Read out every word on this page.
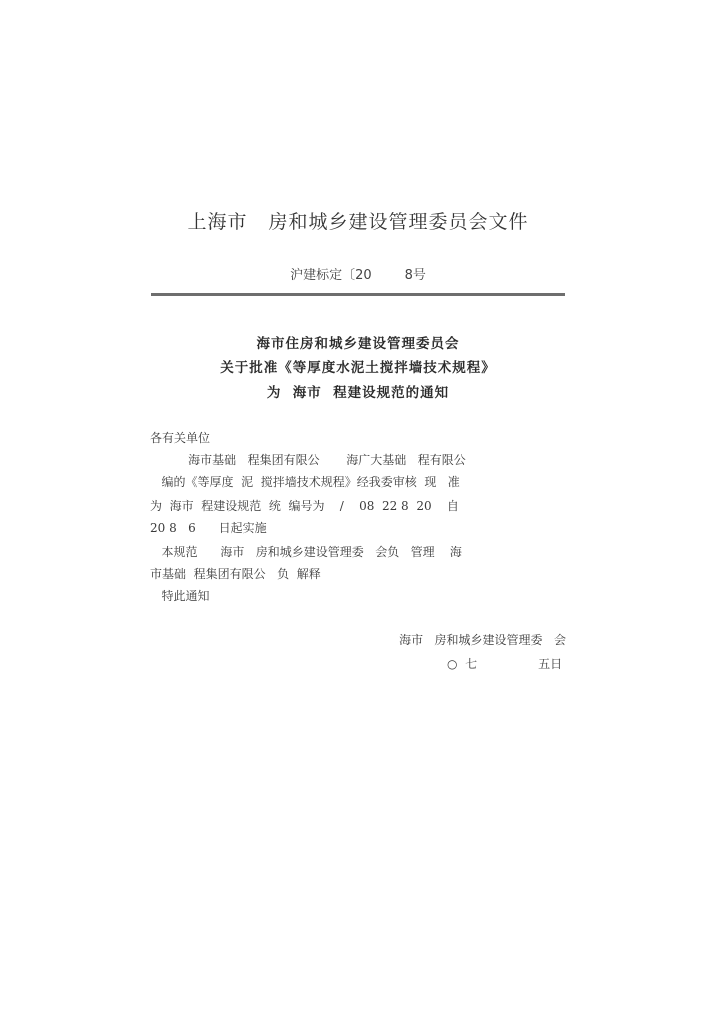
上海市   房和城乡建设管理委员会文件
沪建标定〔20        8号
海市住房和城乡建设管理委员会
关于批准《等厚度水泥土搅拌墙技术规程》
为  海市  程建设规范的通知
各有关单位
海市基础   程集团有限公       海广大基础   程有限公
编的《等厚度  泥  搅拌墙技术规程》经我委审核  现   准
为  海市  程建设规范  统  编号为    /    08  22 8  20    自
20 8   6      日起实施
本规范      海市   房和城乡建设管理委   会负   管理    海
市基础  程集团有限公   负  解释
特此通知
海市   房和城乡建设管理委   会
○  七                五日
